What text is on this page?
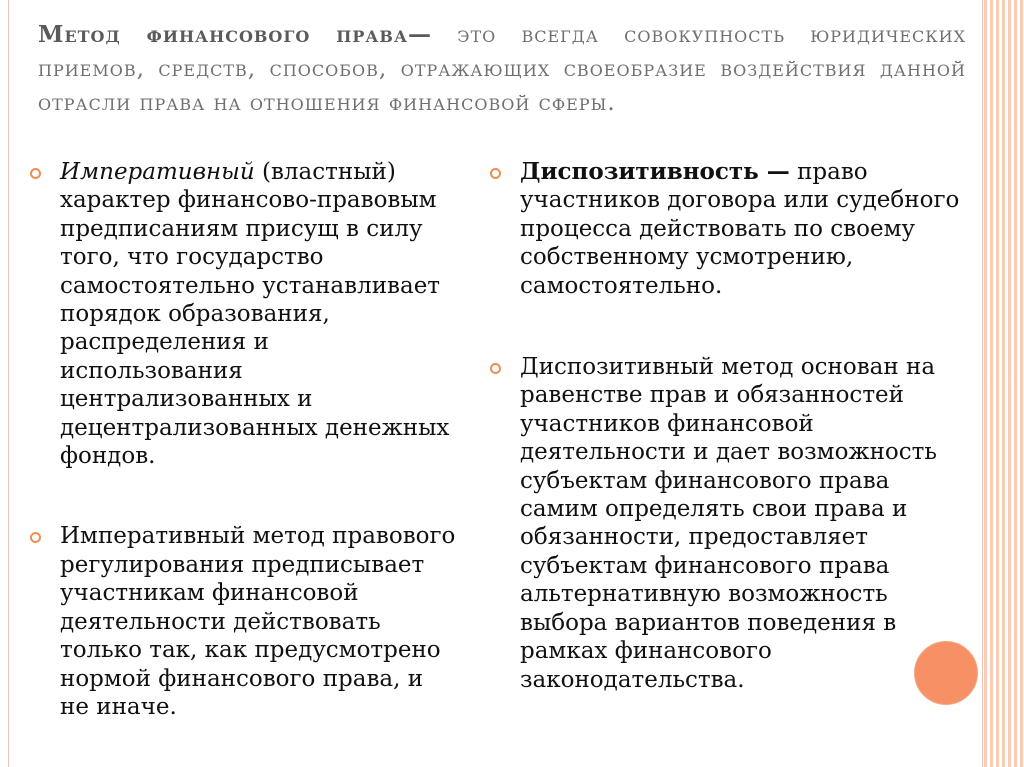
Метод финансового права— это всегда совокупность юридических приемов, средств, способов, отражающих своеобразие воздействия данной отрасли права на отношения финансовой сферы.
Императивный (властный) характер финансово-правовым предписаниям присущ в силу того, что государство самостоятельно устанавливает порядок образования, распределения и использования централизованных и децентрализованных денежных фондов.
Императивный метод правового регулирования предписывает участникам финансовой деятельности действовать только так, как предусмотрено нормой финансового права, и не иначе.
Диспозитивность — право участников договора или судебного процесса действовать по своему собственному усмотрению, самостоятельно.
Диспозитивный метод основан на равенстве прав и обязанностей участников финансовой деятельности и дает возможность субъектам финансового права самим определять свои права и обязанности, предоставляет субъектам финансового права альтернативную возможность выбора вариантов поведения в рамках финансового законодательства.
